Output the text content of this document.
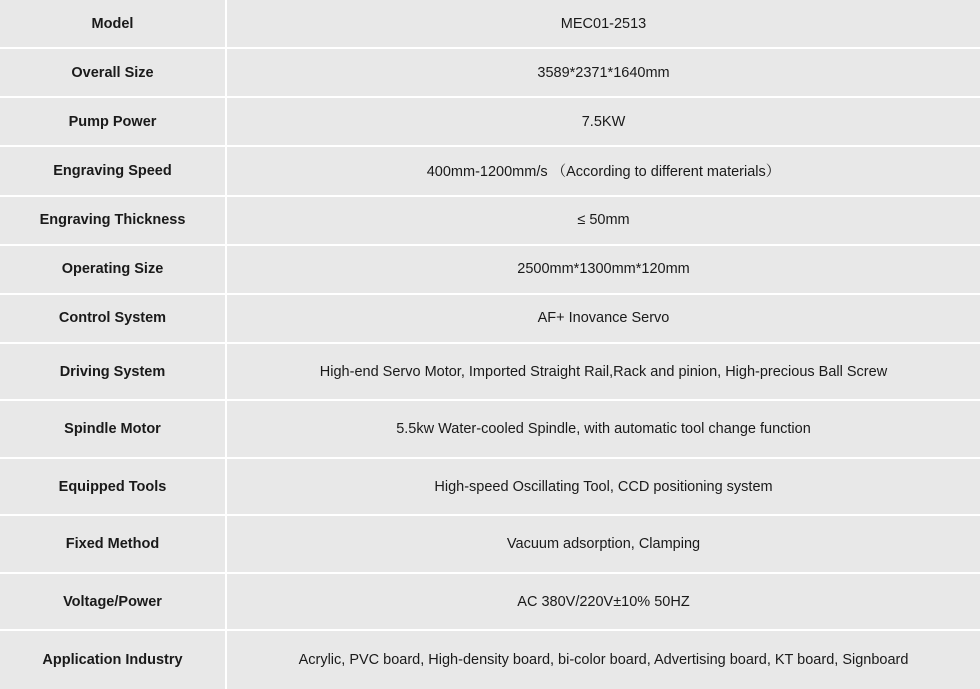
Model	MEC01-2513
Overall Size	3589*2371*1640mm
Pump Power	7.5KW
Engraving Speed	400mm-1200mm/s （According to different materials）
Engraving Thickness	≤ 50mm
Operating Size	2500mm*1300mm*120mm
Control System	AF+ Inovance Servo
Driving System	High-end Servo Motor, Imported Straight Rail,Rack and pinion, High-precious Ball Screw
Spindle Motor	5.5kw Water-cooled Spindle, with automatic tool change function
Equipped Tools	High-speed Oscillating Tool, CCD positioning system
Fixed Method	Vacuum adsorption, Clamping
Voltage/Power	AC 380V/220V±10% 50HZ
Application Industry	Acrylic, PVC board, High-density board, bi-color board, Advertising board, KT board, Signboard
